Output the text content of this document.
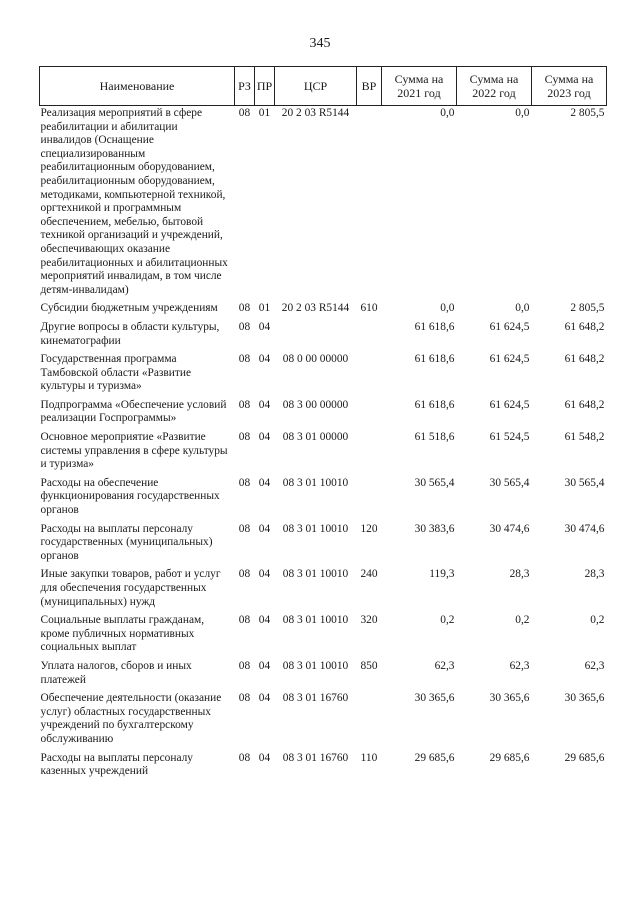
345
Наименование	РЗ	ПР	ЦСР	ВР	Сумма на 2021 год	Сумма на 2022 год	Сумма на 2023 год
Реализация мероприятий в сфере реабилитации и абилитации инвалидов (Оснащение специализированным реабилитационным оборудованием, реабилитационным оборудованием, методиками, компьютерной техникой, оргтехникой и программным обеспечением, мебелью, бытовой техникой организаций и учреждений, обеспечивающих оказание реабилитационных и абилитационных мероприятий инвалидам, в том числе детям-инвалидам)	08	01	20 2 03 R5144		0,0	0,0	2 805,5
Субсидии бюджетным учреждениям	08	01	20 2 03 R5144	610	0,0	0,0	2 805,5
Другие вопросы в области культуры, кинематографии	08	04			61 618,6	61 624,5	61 648,2
Государственная программа Тамбовской области «Развитие культуры и туризма»	08	04	08 0 00 00000		61 618,6	61 624,5	61 648,2
Подпрограмма «Обеспечение условий реализации Госпрограммы»	08	04	08 3 00 00000		61 618,6	61 624,5	61 648,2
Основное мероприятие «Развитие системы управления в сфере культуры и туризма»	08	04	08 3 01 00000		61 518,6	61 524,5	61 548,2
Расходы на обеспечение функционирования государственных органов	08	04	08 3 01 10010		30 565,4	30 565,4	30 565,4
Расходы на выплаты персоналу государственных (муниципальных) органов	08	04	08 3 01 10010	120	30 383,6	30 474,6	30 474,6
Иные закупки товаров, работ и услуг для обеспечения государственных (муниципальных) нужд	08	04	08 3 01 10010	240	119,3	28,3	28,3
Социальные выплаты гражданам, кроме публичных нормативных социальных выплат	08	04	08 3 01 10010	320	0,2	0,2	0,2
Уплата налогов, сборов и иных платежей	08	04	08 3 01 10010	850	62,3	62,3	62,3
Обеспечение деятельности (оказание услуг) областных государственных учреждений по бухгалтерскому обслуживанию	08	04	08 3 01 16760		30 365,6	30 365,6	30 365,6
Расходы на выплаты персоналу казенных учреждений	08	04	08 3 01 16760	110	29 685,6	29 685,6	29 685,6
